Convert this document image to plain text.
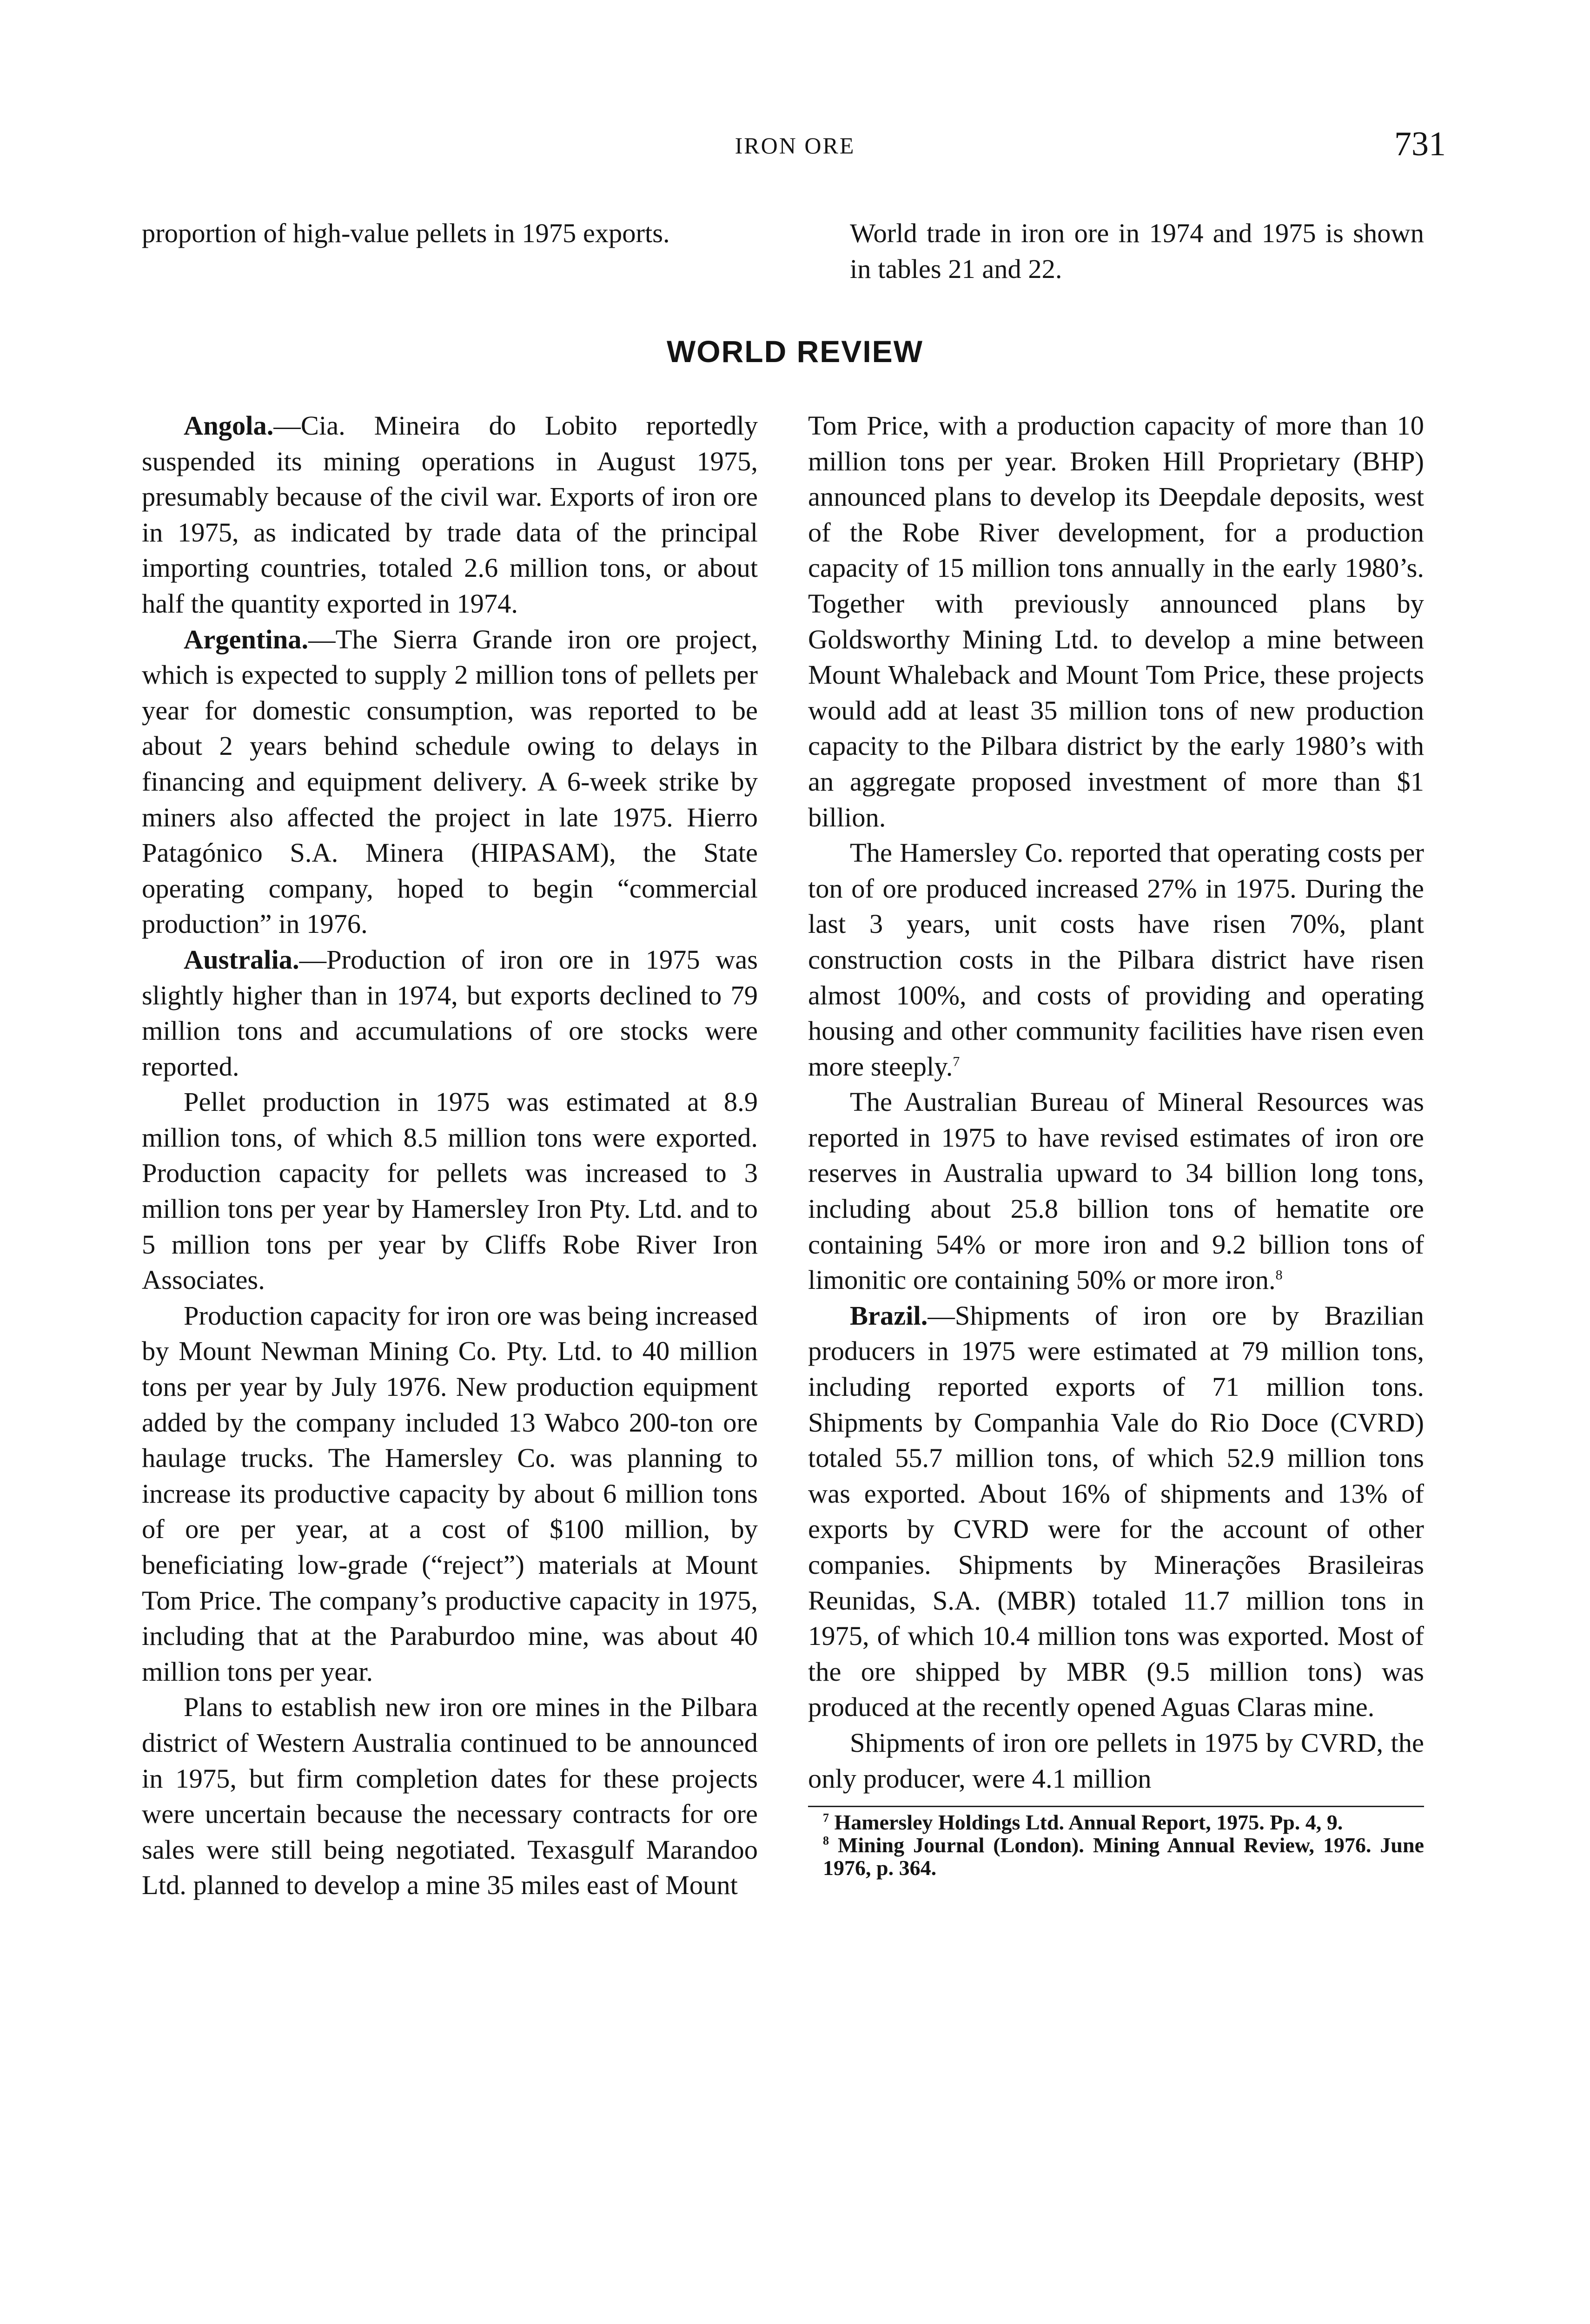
IRON ORE	731

proportion of high-value pellets in 1975 exports.	World trade in iron ore in 1974 and 1975 is shown in tables 21 and 22.

WORLD REVIEW

Angola.—Cia. Mineira do Lobito reportedly suspended its mining operations in August 1975, presumably because of the civil war. Exports of iron ore in 1975, as indicated by trade data of the principal importing countries, totaled 2.6 million tons, or about half the quantity exported in 1974.

Argentina.—The Sierra Grande iron ore project, which is expected to supply 2 million tons of pellets per year for domestic consumption, was reported to be about 2 years behind schedule owing to delays in financing and equipment delivery. A 6-week strike by miners also affected the project in late 1975. Hierro Patagónico S.A. Minera (HIPASAM), the State operating company, hoped to begin “commercial production” in 1976.

Australia.—Production of iron ore in 1975 was slightly higher than in 1974, but exports declined to 79 million tons and accumulations of ore stocks were reported.

Pellet production in 1975 was estimated at 8.9 million tons, of which 8.5 million tons were exported. Production capacity for pellets was increased to 3 million tons per year by Hamersley Iron Pty. Ltd. and to 5 million tons per year by Cliffs Robe River Iron Associates.

Production capacity for iron ore was being increased by Mount Newman Mining Co. Pty. Ltd. to 40 million tons per year by July 1976. New production equipment added by the company included 13 Wabco 200-ton ore haulage trucks. The Hamersley Co. was planning to increase its productive capacity by about 6 million tons of ore per year, at a cost of $100 million, by beneficiating low-grade (“reject”) materials at Mount Tom Price. The company’s productive capacity in 1975, including that at the Paraburdoo mine, was about 40 million tons per year.

Plans to establish new iron ore mines in the Pilbara district of Western Australia continued to be announced in 1975, but firm completion dates for these projects were uncertain because the necessary contracts for ore sales were still being negotiated. Texasgulf Marandoo Ltd. planned to develop a mine 35 miles east of Mount

Tom Price, with a production capacity of more than 10 million tons per year. Broken Hill Proprietary (BHP) announced plans to develop its Deepdale deposits, west of the Robe River development, for a production capacity of 15 million tons annually in the early 1980’s. Together with previously announced plans by Goldsworthy Mining Ltd. to develop a mine between Mount Whaleback and Mount Tom Price, these projects would add at least 35 million tons of new production capacity to the Pilbara district by the early 1980’s with an aggregate proposed investment of more than $1 billion.

The Hamersley Co. reported that operating costs per ton of ore produced increased 27% in 1975. During the last 3 years, unit costs have risen 70%, plant construction costs in the Pilbara district have risen almost 100%, and costs of providing and operating housing and other community facilities have risen even more steeply.$^7$

The Australian Bureau of Mineral Resources was reported in 1975 to have revised estimates of iron ore reserves in Australia upward to 34 billion long tons, including about 25.8 billion tons of hematite ore containing 54% or more iron and 9.2 billion tons of limonitic ore containing 50% or more iron.$^8$

Brazil.—Shipments of iron ore by Brazilian producers in 1975 were estimated at 79 million tons, including reported exports of 71 million tons. Shipments by Companhia Vale do Rio Doce (CVRD) totaled 55.7 million tons, of which 52.9 million tons was exported. About 16% of shipments and 13% of exports by CVRD were for the account of other companies. Shipments by Minerações Brasileiras Reunidas, S.A. (MBR) totaled 11.7 million tons in 1975, of which 10.4 million tons was exported. Most of the ore shipped by MBR (9.5 million tons) was produced at the recently opened Aguas Claras mine.

Shipments of iron ore pellets in 1975 by CVRD, the only producer, were 4.1 million

$^7$ Hamersley Holdings Ltd. Annual Report, 1975. Pp. 4, 9.

$^8$ Mining Journal (London). Mining Annual Review, 1976. June 1976, p. 364.
